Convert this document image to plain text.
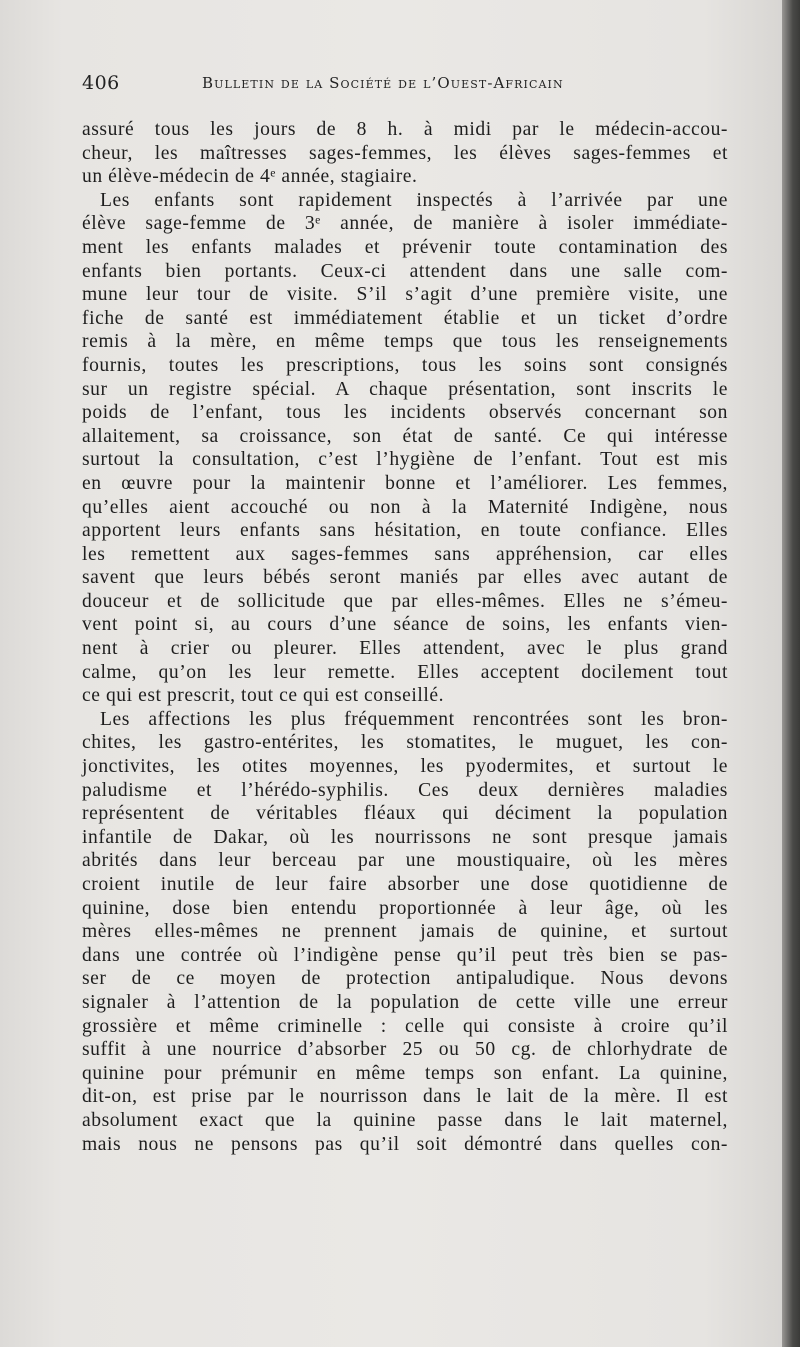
406	Bulletin de la Société de l’Ouest-Africain
assuré tous les jours de 8 h. à midi par le médecin-accou-
cheur, les maîtresses sages-femmes, les élèves sages-femmes et
un élève-médecin de 4ᵉ année, stagiaire.
Les enfants sont rapidement inspectés à l’arrivée par une
élève sage-femme de 3ᵉ année, de manière à isoler immédiate-
ment les enfants malades et prévenir toute contamination des
enfants bien portants. Ceux-ci attendent dans une salle com-
mune leur tour de visite. S’il s’agit d’une première visite, une
fiche de santé est immédiatement établie et un ticket d’ordre
remis à la mère, en même temps que tous les renseignements
fournis, toutes les prescriptions, tous les soins sont consignés
sur un registre spécial. A chaque présentation, sont inscrits le
poids de l’enfant, tous les incidents observés concernant son
allaitement, sa croissance, son état de santé. Ce qui intéresse
surtout la consultation, c’est l’hygiène de l’enfant. Tout est mis
en œuvre pour la maintenir bonne et l’améliorer. Les femmes,
qu’elles aient accouché ou non à la Maternité Indigène, nous
apportent leurs enfants sans hésitation, en toute confiance. Elles
les remettent aux sages-femmes sans appréhension, car elles
savent que leurs bébés seront maniés par elles avec autant de
douceur et de sollicitude que par elles-mêmes. Elles ne s’émeu-
vent point si, au cours d’une séance de soins, les enfants vien-
nent à crier ou pleurer. Elles attendent, avec le plus grand
calme, qu’on les leur remette. Elles acceptent docilement tout
ce qui est prescrit, tout ce qui est conseillé.
Les affections les plus fréquemment rencontrées sont les bron-
chites, les gastro-entérites, les stomatites, le muguet, les con-
jonctivites, les otites moyennes, les pyodermites, et surtout le
paludisme et l’hérédo-syphilis. Ces deux dernières maladies
représentent de véritables fléaux qui déciment la population
infantile de Dakar, où les nourrissons ne sont presque jamais
abrités dans leur berceau par une moustiquaire, où les mères
croient inutile de leur faire absorber une dose quotidienne de
quinine, dose bien entendu proportionnée à leur âge, où les
mères elles-mêmes ne prennent jamais de quinine, et surtout
dans une contrée où l’indigène pense qu’il peut très bien se pas-
ser de ce moyen de protection antipaludique. Nous devons
signaler à l’attention de la population de cette ville une erreur
grossière et même criminelle : celle qui consiste à croire qu’il
suffit à une nourrice d’absorber 25 ou 50 cg. de chlorhydrate de
quinine pour prémunir en même temps son enfant. La quinine,
dit-on, est prise par le nourrisson dans le lait de la mère. Il est
absolument exact que la quinine passe dans le lait maternel,
mais nous ne pensons pas qu’il soit démontré dans quelles con-
